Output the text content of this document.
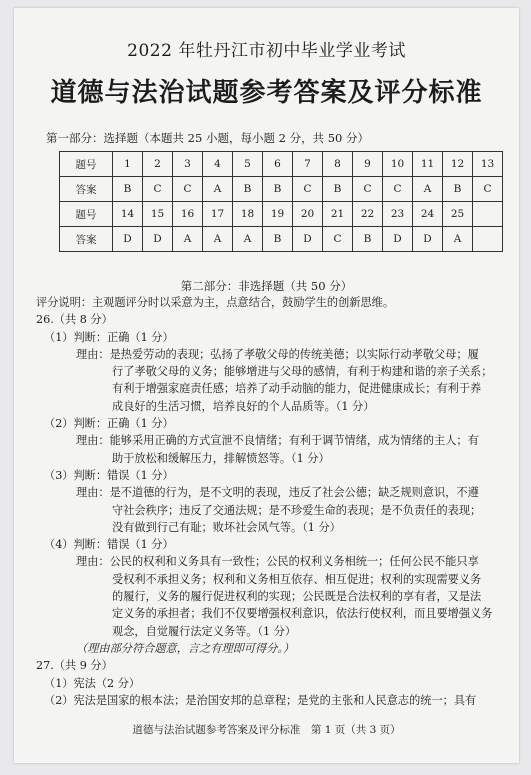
2022 年牡丹江市初中毕业学业考试
道德与法治试题参考答案及评分标准
第一部分：选择题（本题共 25 小题，每小题 2 分，共 50 分）
题号	1	2	3	4	5	6	7	8	9	10	11	12	13
答案	B	C	C	A	B	B	C	B	C	C	A	B	C
题号	14	15	16	17	18	19	20	21	22	23	24	25	
答案	D	D	A	A	A	B	D	C	B	D	D	A	
第二部分：非选择题（共 50 分）
评分说明：主观题评分时以采意为主，点意结合，鼓励学生的创新思维。
26.（共 8 分）
（1）判断：正确（1 分）
理由：是热爱劳动的表现；弘扬了孝敬父母的传统美德；以实际行动孝敬父母；履
行了孝敬父母的义务；能够增进与父母的感情，有利于构建和谐的亲子关系；
有利于增强家庭责任感；培养了动手动脑的能力，促进健康成长；有利于养
成良好的生活习惯，培养良好的个人品质等。（1 分）
（2）判断：正确（1 分）
理由：能够采用正确的方式宣泄不良情绪；有利于调节情绪，成为情绪的主人；有
助于放松和缓解压力，排解愤怒等。（1 分）
（3）判断：错误（1 分）
理由：是不道德的行为，是不文明的表现，违反了社会公德；缺乏规则意识，不遵
守社会秩序；违反了交通法规；是不珍爱生命的表现；是不负责任的表现；
没有做到行己有耻；败坏社会风气等。（1 分）
（4）判断：错误（1 分）
理由：公民的权利和义务具有一致性；公民的权利义务相统一；任何公民不能只享
受权利不承担义务；权利和义务相互依存、相互促进；权利的实现需要义务
的履行，义务的履行促进权利的实现；公民既是合法权利的享有者，又是法
定义务的承担者；我们不仅要增强权利意识，依法行使权利，而且要增强义务
观念，自觉履行法定义务等。（1 分）
（理由部分符合题意，言之有理即可得分。）
27.（共 9 分）
（1）宪法（2 分）
（2）宪法是国家的根本法；是治国安邦的总章程；是党的主张和人民意志的统一；具有
道德与法治试题参考答案及评分标准　第 1 页（共 3 页）
